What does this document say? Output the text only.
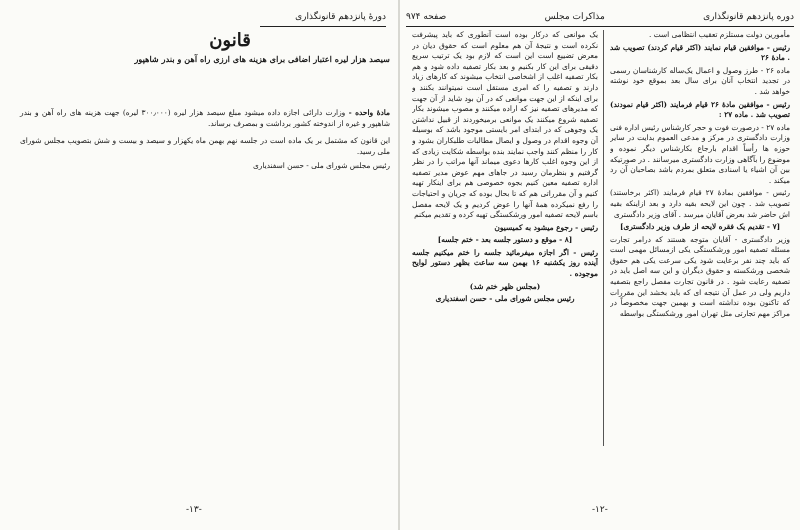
دورهٔ پانزدهم قانونگذاری
قانون
سیصد هزار لیره اعتبار اضافی برای هزینه های ارزی راه آهن و بندر شاهپور
مادهٔ واحده - وزارت دارائی اجازه داده میشود مبلغ سیصد هزار لیره (۳۰۰٫۰۰۰ لیره) جهت هزینه های راه آهن و بندر شاهپور و غیره از اندوخته کشور برداشت و بمصرف برساند.
این قانون که مشتمل بر یک ماده است در جلسه نهم بهمن ماه یکهزار و سیصد و بیست و شش بتصویب مجلس شورای ملی رسید.
رئیس مجلس شورای ملی - حسن اسفندیاری
-۱۳-
دوره پانزدهم قانونگذاری
مذاکرات مجلس
صفحه ۹۷۴

مأمورین دولت مستلزم تعقیب انتظامی است .

رئیس - موافقین قیام نمایند (اکثر قیام کردند) تصویب شد . مادهٔ ۲۶

ماده ۲۶ - طرز وصول و اعمال یک‌ساله کارشناسان رسمی در تجدید انتخاب آنان برای سال بعد بموقع خود نوشته خواهد شد .

رئیس - موافقین مادهٔ ۲۶ قیام فرمایند (اکثر قیام نمودند) تصویب شد . ماده ۲۷ :

ماده ۲۷ - درصورت فوت و حجر کارشناس رئیس اداره فنی وزارت دادگستری در مرکز و مدعی العموم بدایت در سایر حوزه ها رأساً اقدام بارجاع بکارشناس دیگر نموده و موضوع را بآگاهی وزارت دادگستری میرسانند . در صورتیکه بین آن اشیاء یا اسنادی متعلق بمردم باشد بصاحبان آن رد میکند .

رئیس - موافقین بمادهٔ ۲۷ قیام فرمایند (اکثر برخاستند) تصویب شد . چون این لایحه بقیه دارد و بعد ازاینکه بقیه اش حاضر شد بعرض آقایان میرسد . آقای وزیر دادگستری

[۷ - تقدیم یک فقره لایحه از طرف وزیر دادگستری]

وزیر دادگستری - آقایان متوجه هستند که درامر تجارت مسئله تصفیه امور ورشکستگی یکی ازمسائل مهمی است که باید چند نفر برعایت شود یکی سرعت یکی هم حقوق شخصی ورشکسته و حقوق دیگران و این سه اصل باید در تصفیه رعایت شود . در قانون تجارت مفصل راجع بتصفیه داریم ولی در عمل آن نتیجه ای که باید بخشد این مقررات که تاکنون بوده نداشته است و بهمین جهت مخصوصاً در مراکز مهم تجارتی مثل تهران امور ورشکستگی بواسطه

یک موانعی که درکار بوده است آنطوری که باید پیشرفت نکرده است و نتیجهٔ آن هم معلوم است که حقوق دیان در معرض تضییع است این است که لازم بود یک ترتیب سریع دقیقی برای این کار بکنیم و بعد بکار تصفیه داده شود و هم بکار تصفیه اغلب از اشخاصی انتخاب میشوند که کارهای زیاد دارند و تصفیه را که امری مستقل است نمیتوانند بکنند و برای اینکه از این جهت موانعی که در آن بود شاید از آن جهت که مدیرهای تصفیه نیز که اراده میکنند و مصوب میشوند بکار تصفیه شروع میکنند یک موانعی برمیخوردند از قبیل نداشتن یک وجوهی که در ابتدای امر بایستی موجود باشد که بوسیله آن وجوه اقدام در وصول و ایصال مطالبات طلبکاران بشود و کار را منظم کنند واجب نمایند بنده بواسطه شکایت زیادی که از این وجوه اغلب کارها دعوی میماند آنها مراتب را در نظر گرفتیم و بنظرمان رسید در جاهای مهم عوض مدیر تصفیه اداره تصفیه معین کنیم بجوه خصوصی هم برای اینکار تهیه کنیم و آن مقرراتی هم که تا بحال بوده که جریان و احتیاجات را رفع نمیکرده همهٔ آنها را عوض کردیم و یک لایحه مفصل باسم لایحه تصفیه امور ورشکستگی تهیه کرده و تقدیم میکنم

رئیس - رجوع میشود به کمیسیون

[۸ - موقع و دستور جلسه بعد - ختم جلسه]

رئیس - اگر اجازه میفرمائید جلسه را ختم میکنیم جلسه آینده روز یکشنبه ۱۶ بهمن سه ساعت بظهر دستور لوایح موجوده .

(مجلس ظهر ختم شد)

رئیس مجلس شورای ملی - حسن اسفندیاری

-۱۲-
